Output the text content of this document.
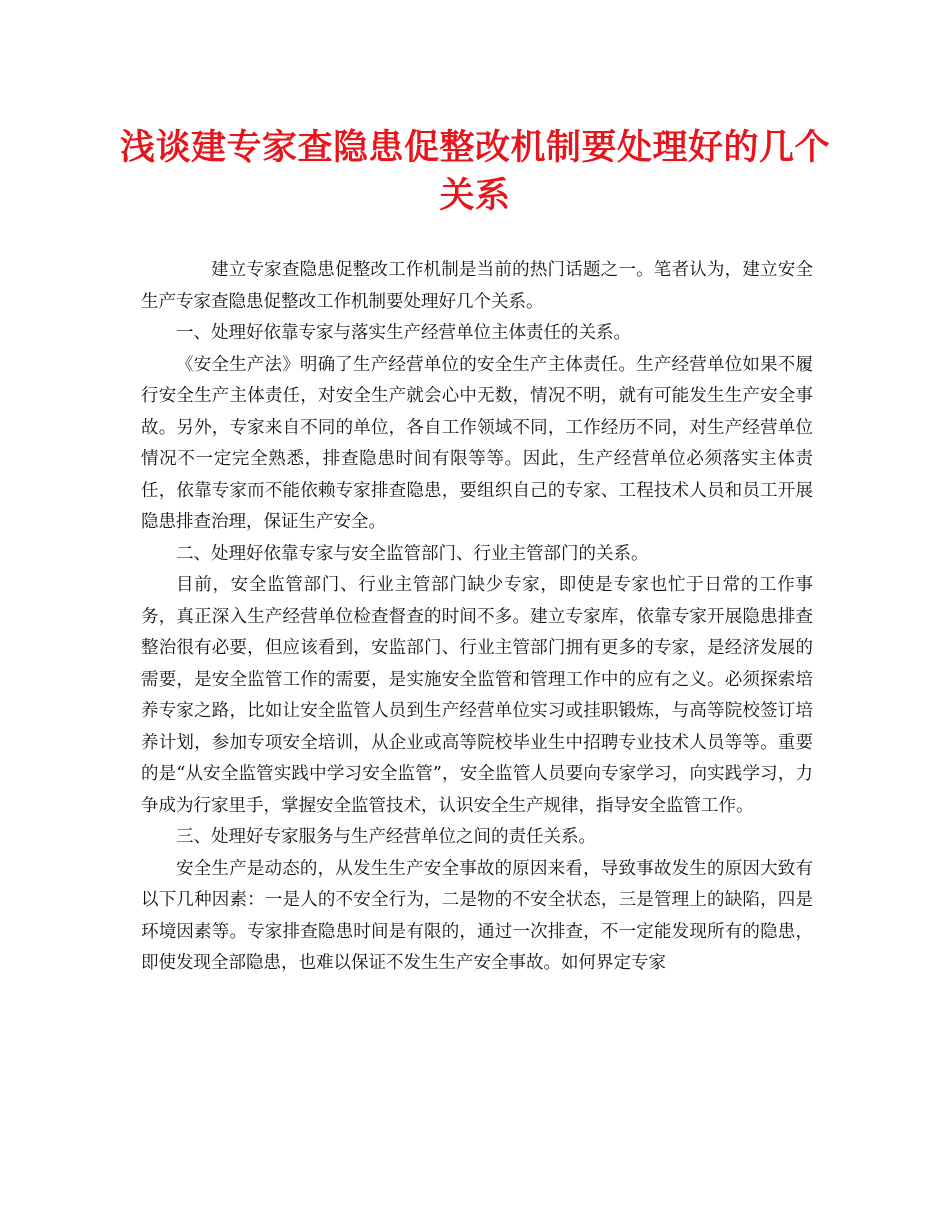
浅谈建专家查隐患促整改机制要处理好的几个关系

建立专家查隐患促整改工作机制是当前的热门话题之一。笔者认为，建立安全生产专家查隐患促整改工作机制要处理好几个关系。

一、处理好依靠专家与落实生产经营单位主体责任的关系。

《安全生产法》明确了生产经营单位的安全生产主体责任。生产经营单位如果不履行安全生产主体责任，对安全生产就会心中无数，情况不明，就有可能发生生产安全事故。另外，专家来自不同的单位，各自工作领域不同，工作经历不同，对生产经营单位情况不一定完全熟悉，排查隐患时间有限等等。因此，生产经营单位必须落实主体责任，依靠专家而不能依赖专家排查隐患，要组织自己的专家、工程技术人员和员工开展隐患排查治理，保证生产安全。

二、处理好依靠专家与安全监管部门、行业主管部门的关系。

目前，安全监管部门、行业主管部门缺少专家，即使是专家也忙于日常的工作事务，真正深入生产经营单位检查督查的时间不多。建立专家库，依靠专家开展隐患排查整治很有必要，但应该看到，安监部门、行业主管部门拥有更多的专家，是经济发展的需要，是安全监管工作的需要，是实施安全监管和管理工作中的应有之义。必须探索培养专家之路，比如让安全监管人员到生产经营单位实习或挂职锻炼，与高等院校签订培养计划，参加专项安全培训，从企业或高等院校毕业生中招聘专业技术人员等等。重要的是“从安全监管实践中学习安全监管”，安全监管人员要向专家学习，向实践学习，力争成为行家里手，掌握安全监管技术，认识安全生产规律，指导安全监管工作。

三、处理好专家服务与生产经营单位之间的责任关系。

安全生产是动态的，从发生生产安全事故的原因来看，导致事故发生的原因大致有以下几种因素：一是人的不安全行为，二是物的不安全状态，三是管理上的缺陷，四是环境因素等。专家排查隐患时间是有限的，通过一次排查，不一定能发现所有的隐患，即使发现全部隐患，也难以保证不发生生产安全事故。如何界定专家
